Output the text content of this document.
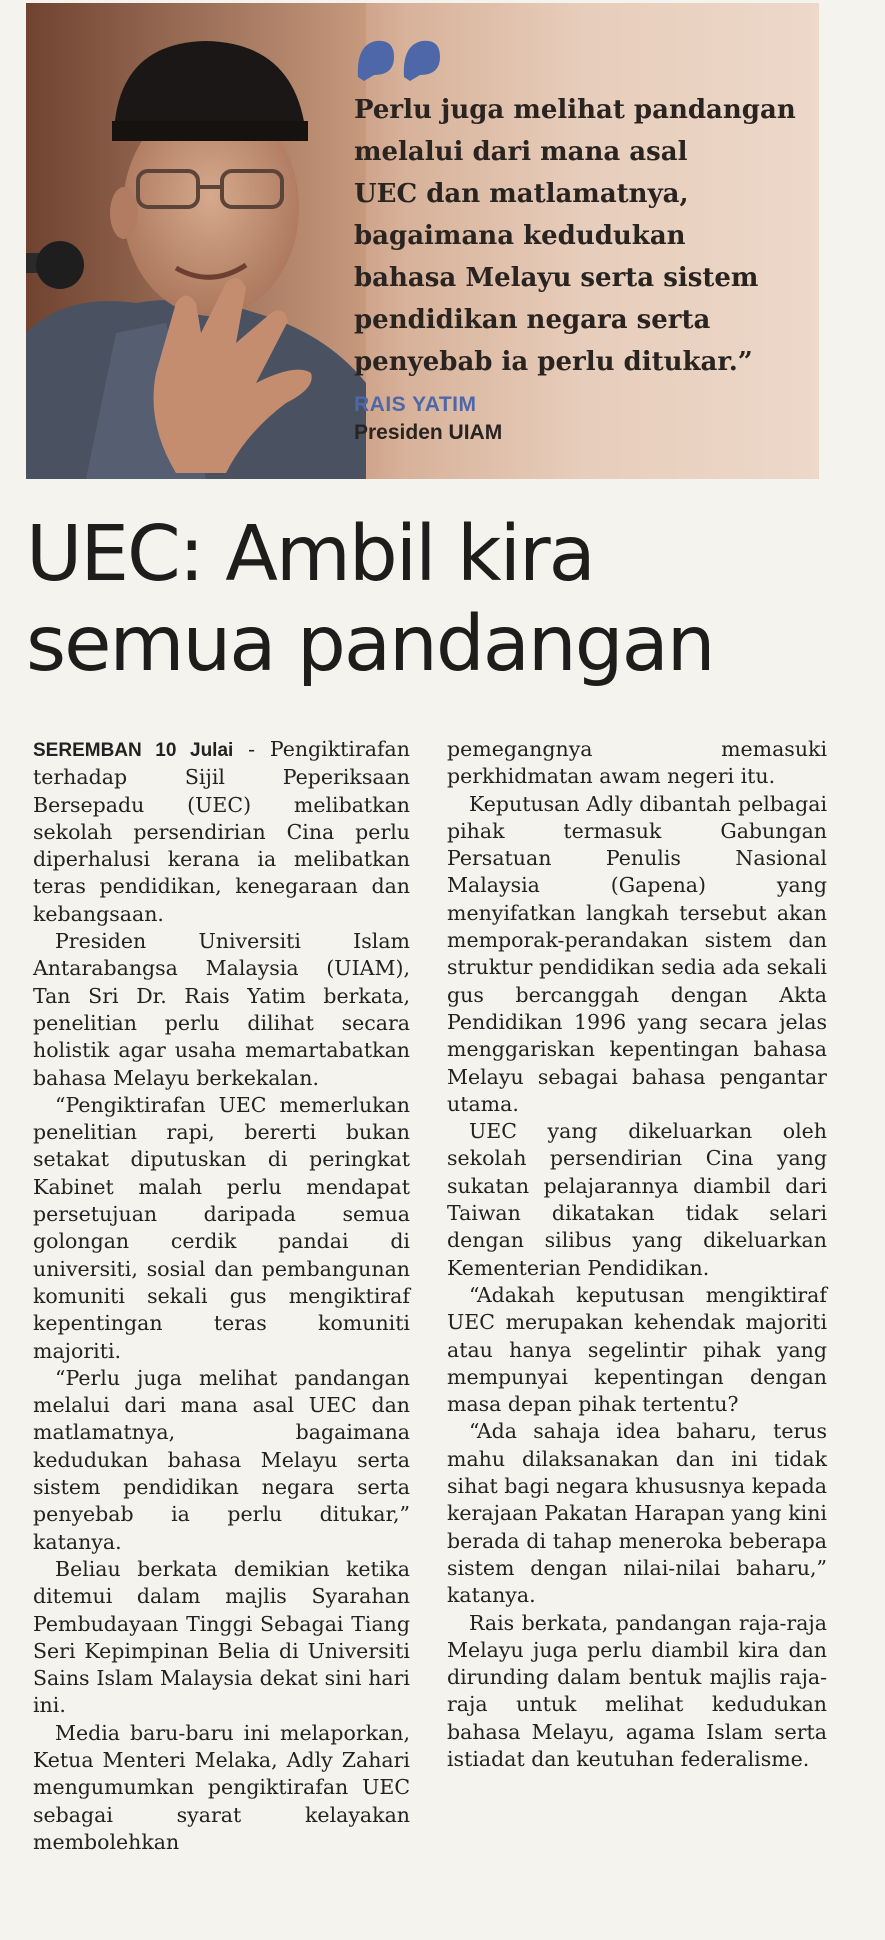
Perlu juga melihat pandangan
melalui dari mana asal
UEC dan matlamatnya,
bagaimana kedudukan
bahasa Melayu serta sistem
pendidikan negara serta
penyebab ia perlu ditukar.”
RAIS YATIM
Presiden UIAM
UEC: Ambil kira
semua pandangan

SEREMBAN 10 Julai - Pengiktirafan terhadap Sijil Peperiksaan Bersepadu (UEC) melibatkan sekolah persendirian Cina perlu diperhalusi kerana ia melibatkan teras pendidikan, kenegaraan dan kebangsaan.

Presiden Universiti Islam Antarabangsa Malaysia (UIAM), Tan Sri Dr. Rais Yatim berkata, penelitian perlu dilihat secara holistik agar usaha memartabatkan bahasa Melayu berkekalan.

“Pengiktirafan UEC memerlukan penelitian rapi, bererti bukan setakat diputuskan di peringkat Kabinet malah perlu mendapat persetujuan daripada semua golongan cerdik pandai di universiti, sosial dan pembangunan komuniti sekali gus mengiktiraf kepentingan teras komuniti majoriti.

“Perlu juga melihat pandangan melalui dari mana asal UEC dan matlamatnya, bagaimana kedudukan bahasa Melayu serta sistem pendidikan negara serta penyebab ia perlu ditukar,” katanya.

Beliau berkata demikian ketika ditemui dalam majlis Syarahan Pembudayaan Tinggi Sebagai Tiang Seri Kepimpinan Belia di Universiti Sains Islam Malaysia dekat sini hari ini.

Media baru-baru ini melaporkan, Ketua Menteri Melaka, Adly Zahari mengumumkan pengiktirafan UEC sebagai syarat kelayakan membolehkan

pemegangnya memasuki perkhidmatan awam negeri itu.

Keputusan Adly dibantah pelbagai pihak termasuk Gabungan Persatuan Penulis Nasional Malaysia (Gapena) yang menyifatkan langkah tersebut akan memporak-perandakan sistem dan struktur pendidikan sedia ada sekali gus bercanggah dengan Akta Pendidikan 1996 yang secara jelas menggariskan kepentingan bahasa Melayu sebagai bahasa pengantar utama.

UEC yang dikeluarkan oleh sekolah persendirian Cina yang sukatan pelajarannya diambil dari Taiwan dikatakan tidak selari dengan silibus yang dikeluarkan Kementerian Pendidikan.

“Adakah keputusan mengiktiraf UEC merupakan kehendak majoriti atau hanya segelintir pihak yang mempunyai kepentingan dengan masa depan pihak tertentu?

“Ada sahaja idea baharu, terus mahu dilaksanakan dan ini tidak sihat bagi negara khususnya kepada kerajaan Pakatan Harapan yang kini berada di tahap meneroka beberapa sistem dengan nilai-nilai baharu,” katanya.

Rais berkata, pandangan raja-raja Melayu juga perlu diambil kira dan dirunding dalam bentuk majlis raja-raja untuk melihat kedudukan bahasa Melayu, agama Islam serta istiadat dan keutuhan federalisme.
